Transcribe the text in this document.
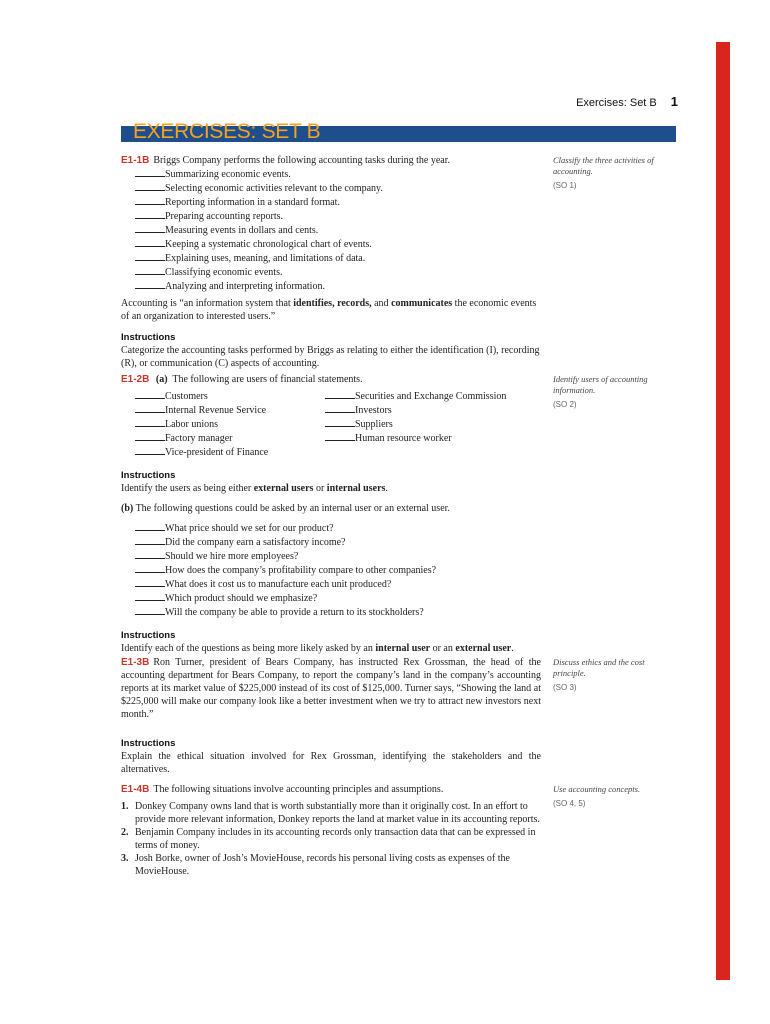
Exercises: Set B 1
EXERCISES: SET B

E1-1B Briggs Company performs the following accounting tasks during the year.

Summarizing economic events.
Selecting economic activities relevant to the company.
Reporting information in a standard format.
Preparing accounting reports.
Measuring events in dollars and cents.
Keeping a systematic chronological chart of events.
Explaining uses, meaning, and limitations of data.
Classifying economic events.
Analyzing and interpreting information.

Accounting is “an information system that identifies, records, and communicates the economic events of an organization to interested users.”

Instructions

Categorize the accounting tasks performed by Briggs as relating to either the identification (I), recording (R), or communication (C) aspects of accounting.

Classify the three activities of accounting.
(SO 1)

E1-2B (a) The following are users of financial statements.

Customers
Internal Revenue Service
Labor unions
Factory manager
Vice-president of Finance
Securities and Exchange Commission
Investors
Suppliers
Human resource worker

Instructions

Identify the users as being either external users or internal users.

(b) The following questions could be asked by an internal user or an external user.

What price should we set for our product?
Did the company earn a satisfactory income?
Should we hire more employees?
How does the company’s profitability compare to other companies?
What does it cost us to manufacture each unit produced?
Which product should we emphasize?
Will the company be able to provide a return to its stockholders?

Instructions

Identify each of the questions as being more likely asked by an internal user or an external user.

Identify users of accounting information.
(SO 2)

E1-3B Ron Turner, president of Bears Company, has instructed Rex Grossman, the head of the accounting department for Bears Company, to report the company’s land in the company’s accounting reports at its market value of $225,000 instead of its cost of $125,000. Turner says, “Showing the land at $225,000 will make our company look like a better investment when we try to attract new investors next month.”

Instructions

Explain the ethical situation involved for Rex Grossman, identifying the stakeholders and the alternatives.

Discuss ethics and the cost principle.
(SO 3)

E1-4B The following situations involve accounting principles and assumptions.

1. Donkey Company owns land that is worth substantially more than it originally cost. In an effort to provide more relevant information, Donkey reports the land at market value in its accounting reports.
2. Benjamin Company includes in its accounting records only transaction data that can be expressed in terms of money.
3. Josh Borke, owner of Josh’s MovieHouse, records his personal living costs as expenses of the MovieHouse.
Use accounting concepts.
(SO 4, 5)
